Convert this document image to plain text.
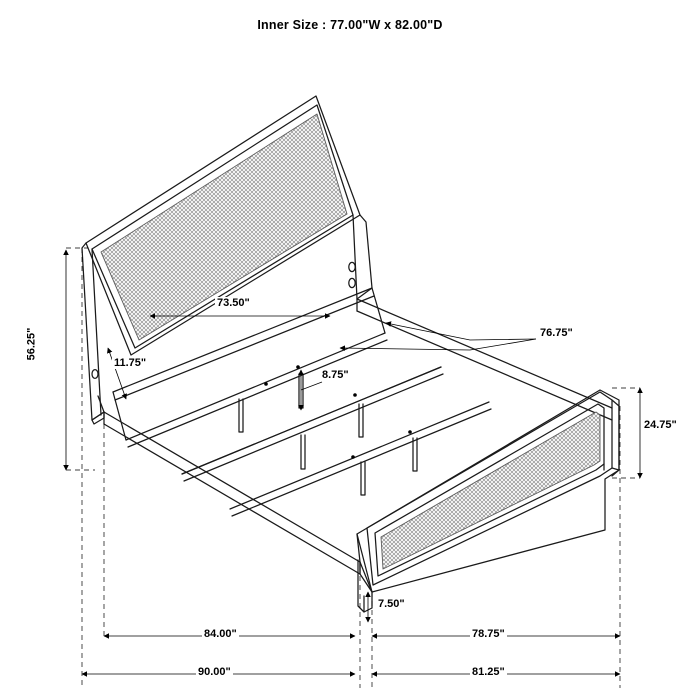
Inner Size : 77.00"W x 82.00"D
56.25"
73.50"
11.75"
8.75"
76.75"
24.75"
7.50"
84.00"	78.75"
90.00"	81.25"
